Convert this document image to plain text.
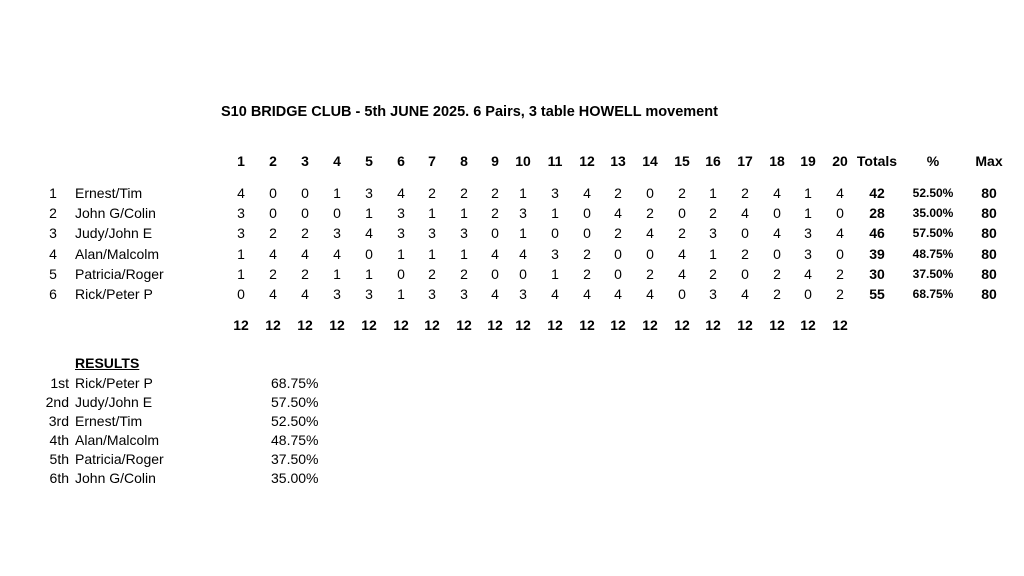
S10 BRIDGE CLUB - 5th JUNE 2025. 6 Pairs, 3 table HOWELL movement
1	2	3	4	5	6	7	8	9	10	11	12	13	14	15	16	17	18	19	20 Totals	%	Max
1 Ernest/Tim	4	0	0	1	3	4	2	2	2	1	3	4	2	0	2	1	2	4	1	4	42	52.50%	80
2 John G/Colin	3	0	0	0	1	3	1	1	2	3	1	0	4	2	0	2	4	0	1	0	28	35.00%	80
3 Judy/John E	3	2	2	3	4	3	3	3	0	1	0	0	2	4	2	3	0	4	3	4	46	57.50%	80
4 Alan/Malcolm	1	4	4	4	0	1	1	1	4	4	3	2	0	0	4	1	2	0	3	0	39	48.75%	80
5 Patricia/Roger	1	2	2	1	1	0	2	2	0	0	1	2	0	2	4	2	0	2	4	2	30	37.50%	80
6 Rick/Peter P	0	4	4	3	3	1	3	3	4	3	4	4	4	4	0	3	4	2	0	2	55	68.75%	80
12	12	12	12	12	12	12	12	12 12	12	12	12	12	12	12	12	12	12	12
RESULTS
1st Rick/Peter P	68.75%
2nd Judy/John E	57.50%
3rd Ernest/Tim	52.50%
4th Alan/Malcolm	48.75%
5th Patricia/Roger	37.50%
6th John G/Colin	35.00%
